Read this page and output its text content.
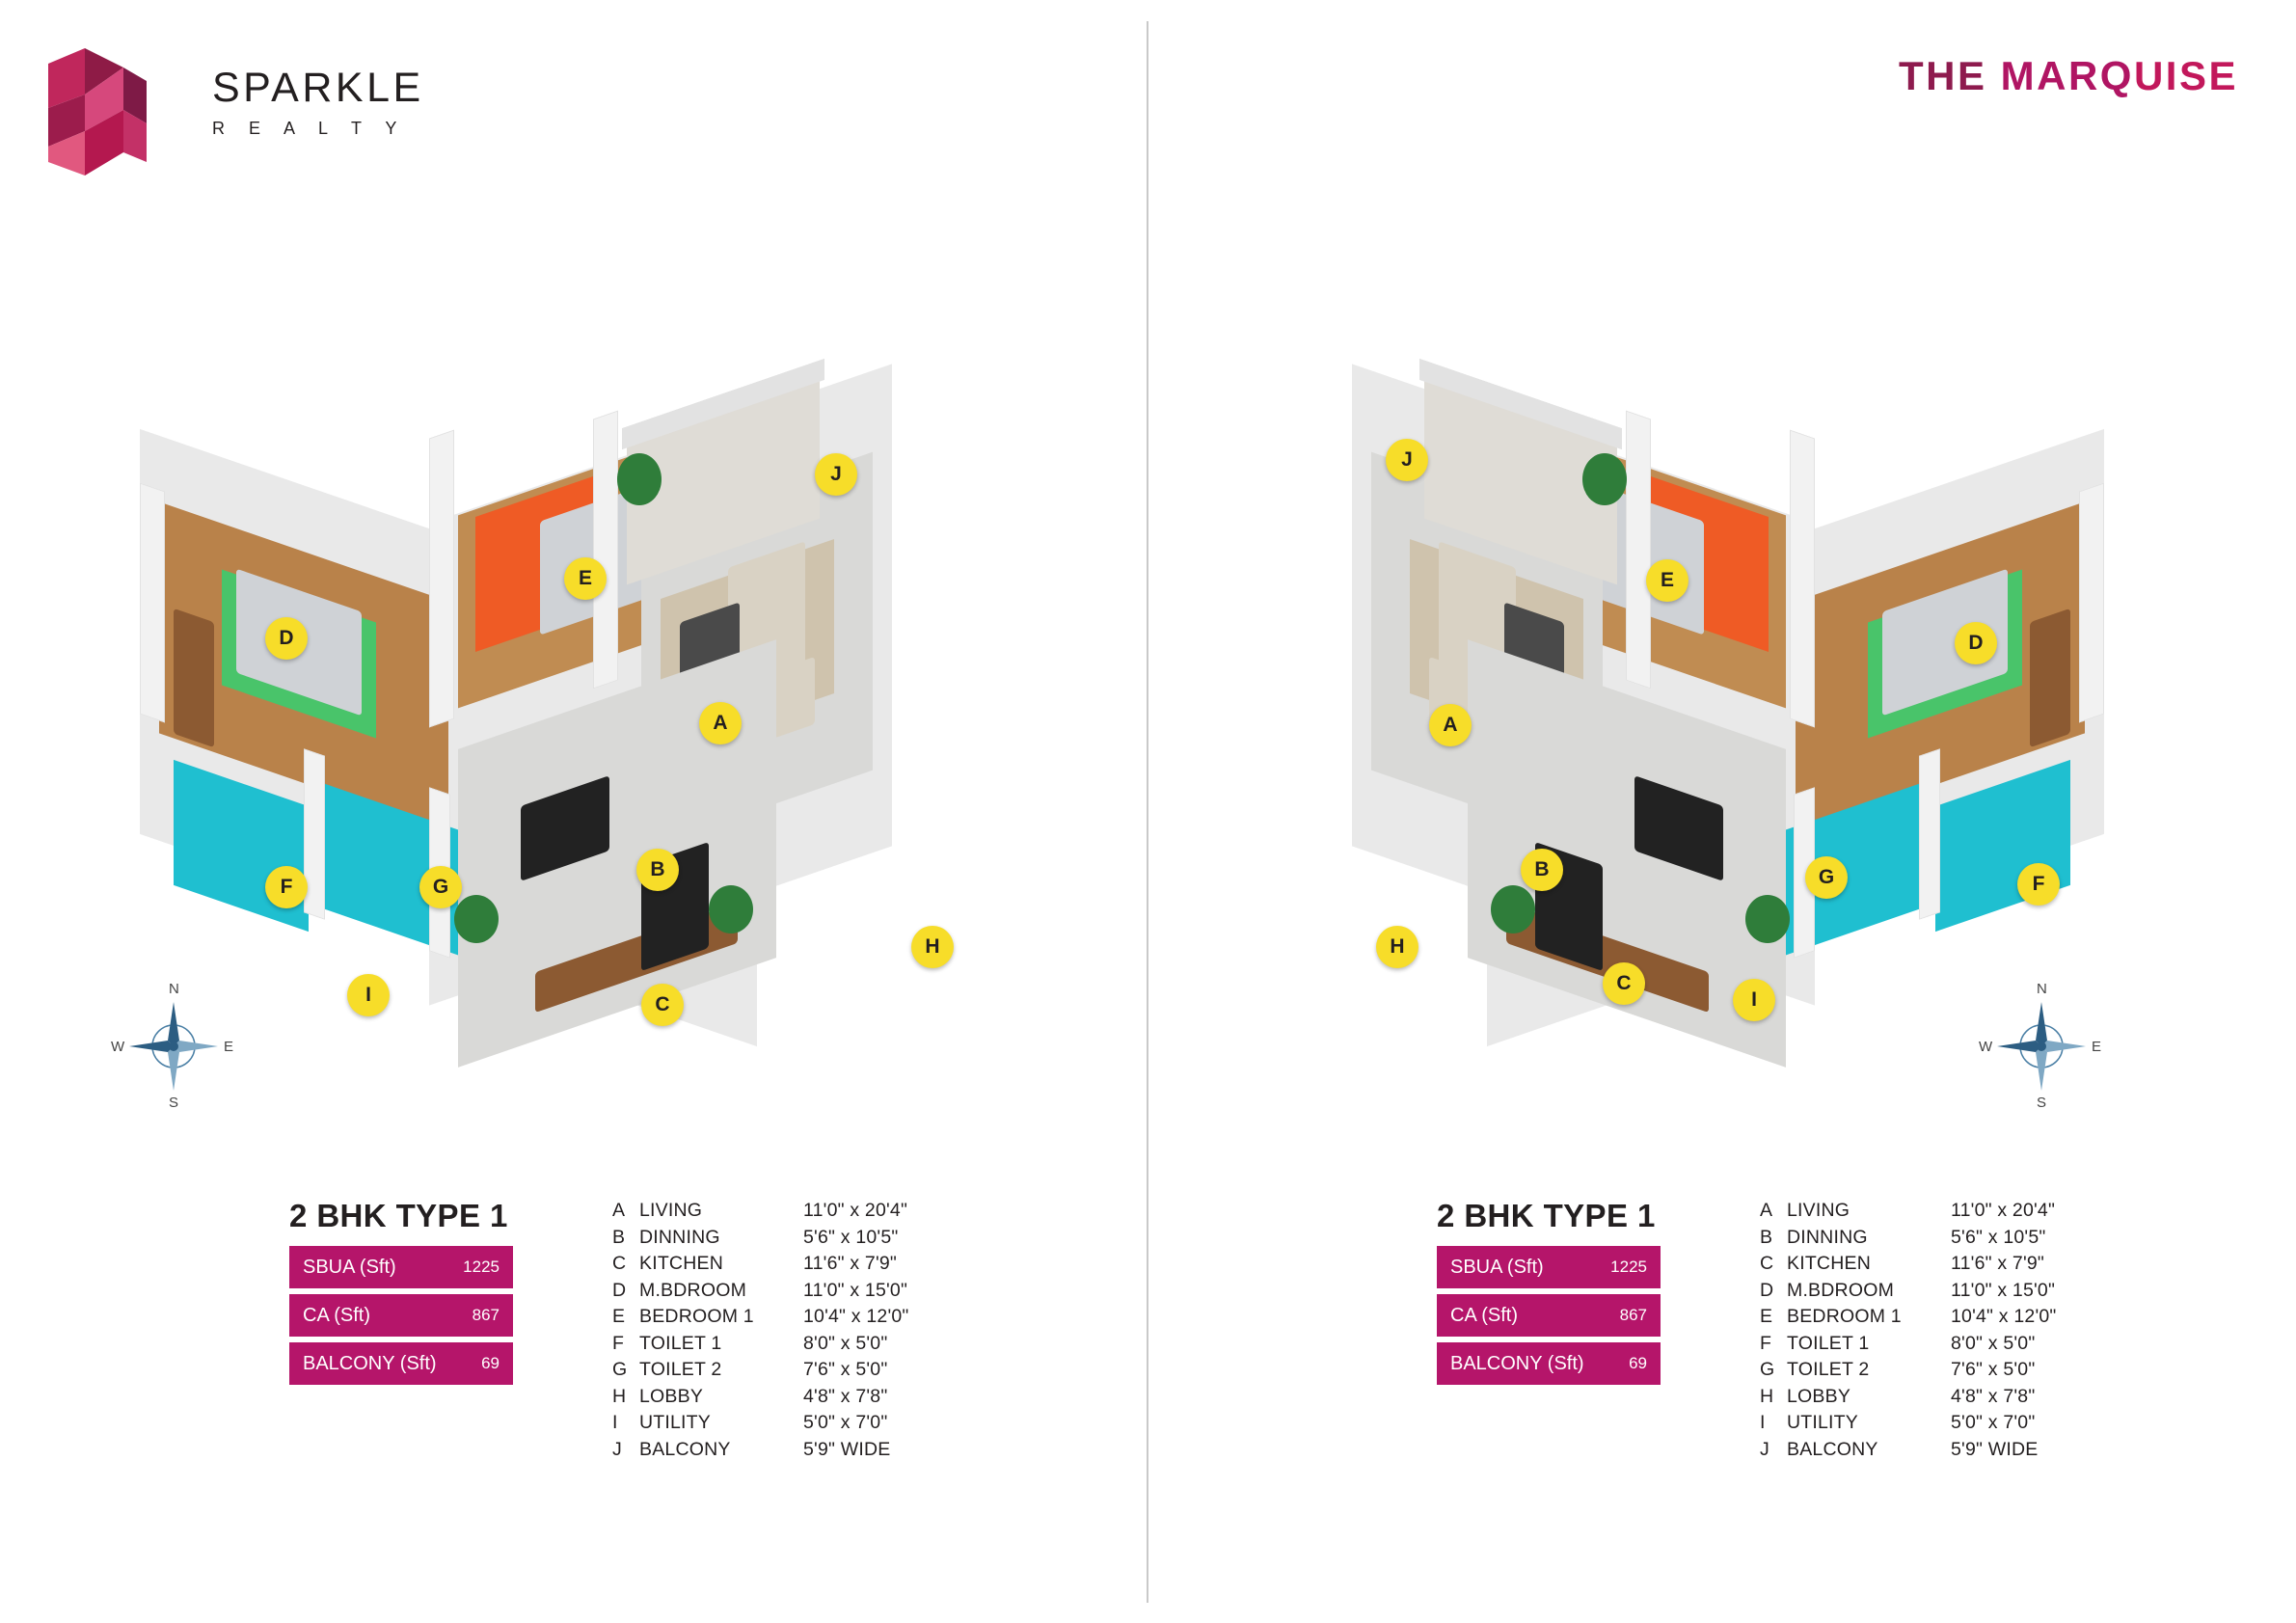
SPARKLE
R E A L T Y
THE MARQUISE
D
E
J
A
F	G
B
H
I	C
N
E
S
W
2 BHK TYPE 1
SBUA (Sft)	1225
CA (Sft)	867
BALCONY (Sft)	69
A LIVING	11'0" x 20'4"
B DINNING	5'6" x 10'5"
C KITCHEN	11'6" x 7'9"
D M.BDROOM	11'0" x 15'0"
E BEDROOM 1	10'4" x 12'0"
F TOILET 1	8'0" x 5'0"
G TOILET 2	7'6" x 5'0"
H LOBBY	4'8" x 7'8"
I	UTILITY	5'0" x 7'0"
J BALCONY	5'9" WIDE
J
E
D
A
B	G	F
H
C
I	N
E
S
W
2 BHK TYPE 1
SBUA (Sft)	1225
CA (Sft)	867
BALCONY (Sft)	69
A LIVING	11'0" x 20'4"
B DINNING	5'6" x 10'5"
C KITCHEN	11'6" x 7'9"
D M.BDROOM	11'0" x 15'0"
E BEDROOM 1	10'4" x 12'0"
F TOILET 1	8'0" x 5'0"
G TOILET 2	7'6" x 5'0"
H LOBBY	4'8" x 7'8"
I	UTILITY	5'0" x 7'0"
J BALCONY	5'9" WIDE
